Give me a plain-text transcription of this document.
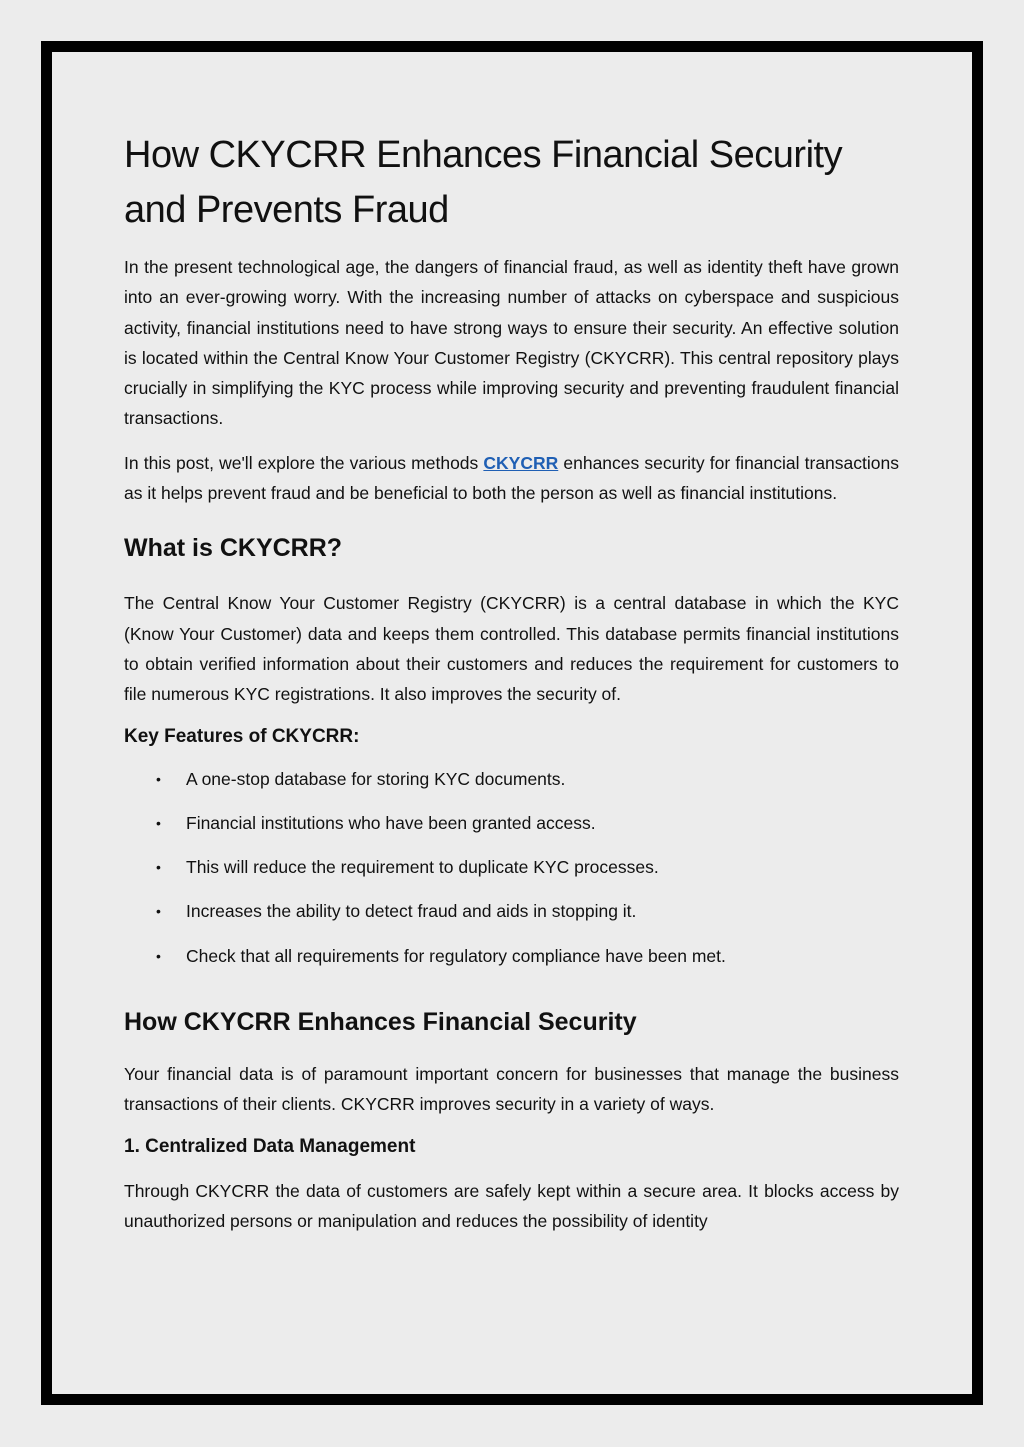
How CKYCRR Enhances Financial Security and Prevents Fraud

In the present technological age, the dangers of financial fraud, as well as identity theft have grown into an ever-growing worry. With the increasing number of attacks on cyberspace and suspicious activity, financial institutions need to have strong ways to ensure their security. An effective solution is located within the Central Know Your Customer Registry (CKYCRR). This central repository plays crucially in simplifying the KYC process while improving security and preventing fraudulent financial transactions.

In this post, we'll explore the various methods CKYCRR enhances security for financial transactions as it helps prevent fraud and be beneficial to both the person as well as financial institutions.

What is CKYCRR?

The Central Know Your Customer Registry (CKYCRR) is a central database in which the KYC (Know Your Customer) data and keeps them controlled. This database permits financial institutions to obtain verified information about their customers and reduces the requirement for customers to file numerous KYC registrations. It also improves the security of.

Key Features of CKYCRR:
• A one-stop database for storing KYC documents.
• Financial institutions who have been granted access.
• This will reduce the requirement to duplicate KYC processes.
• Increases the ability to detect fraud and aids in stopping it.
• Check that all requirements for regulatory compliance have been met.
How CKYCRR Enhances Financial Security

Your financial data is of paramount important concern for businesses that manage the business transactions of their clients. CKYCRR improves security in a variety of ways.

1. Centralized Data Management

Through CKYCRR the data of customers are safely kept within a secure area. It blocks access by unauthorized persons or manipulation and reduces the possibility of identity
